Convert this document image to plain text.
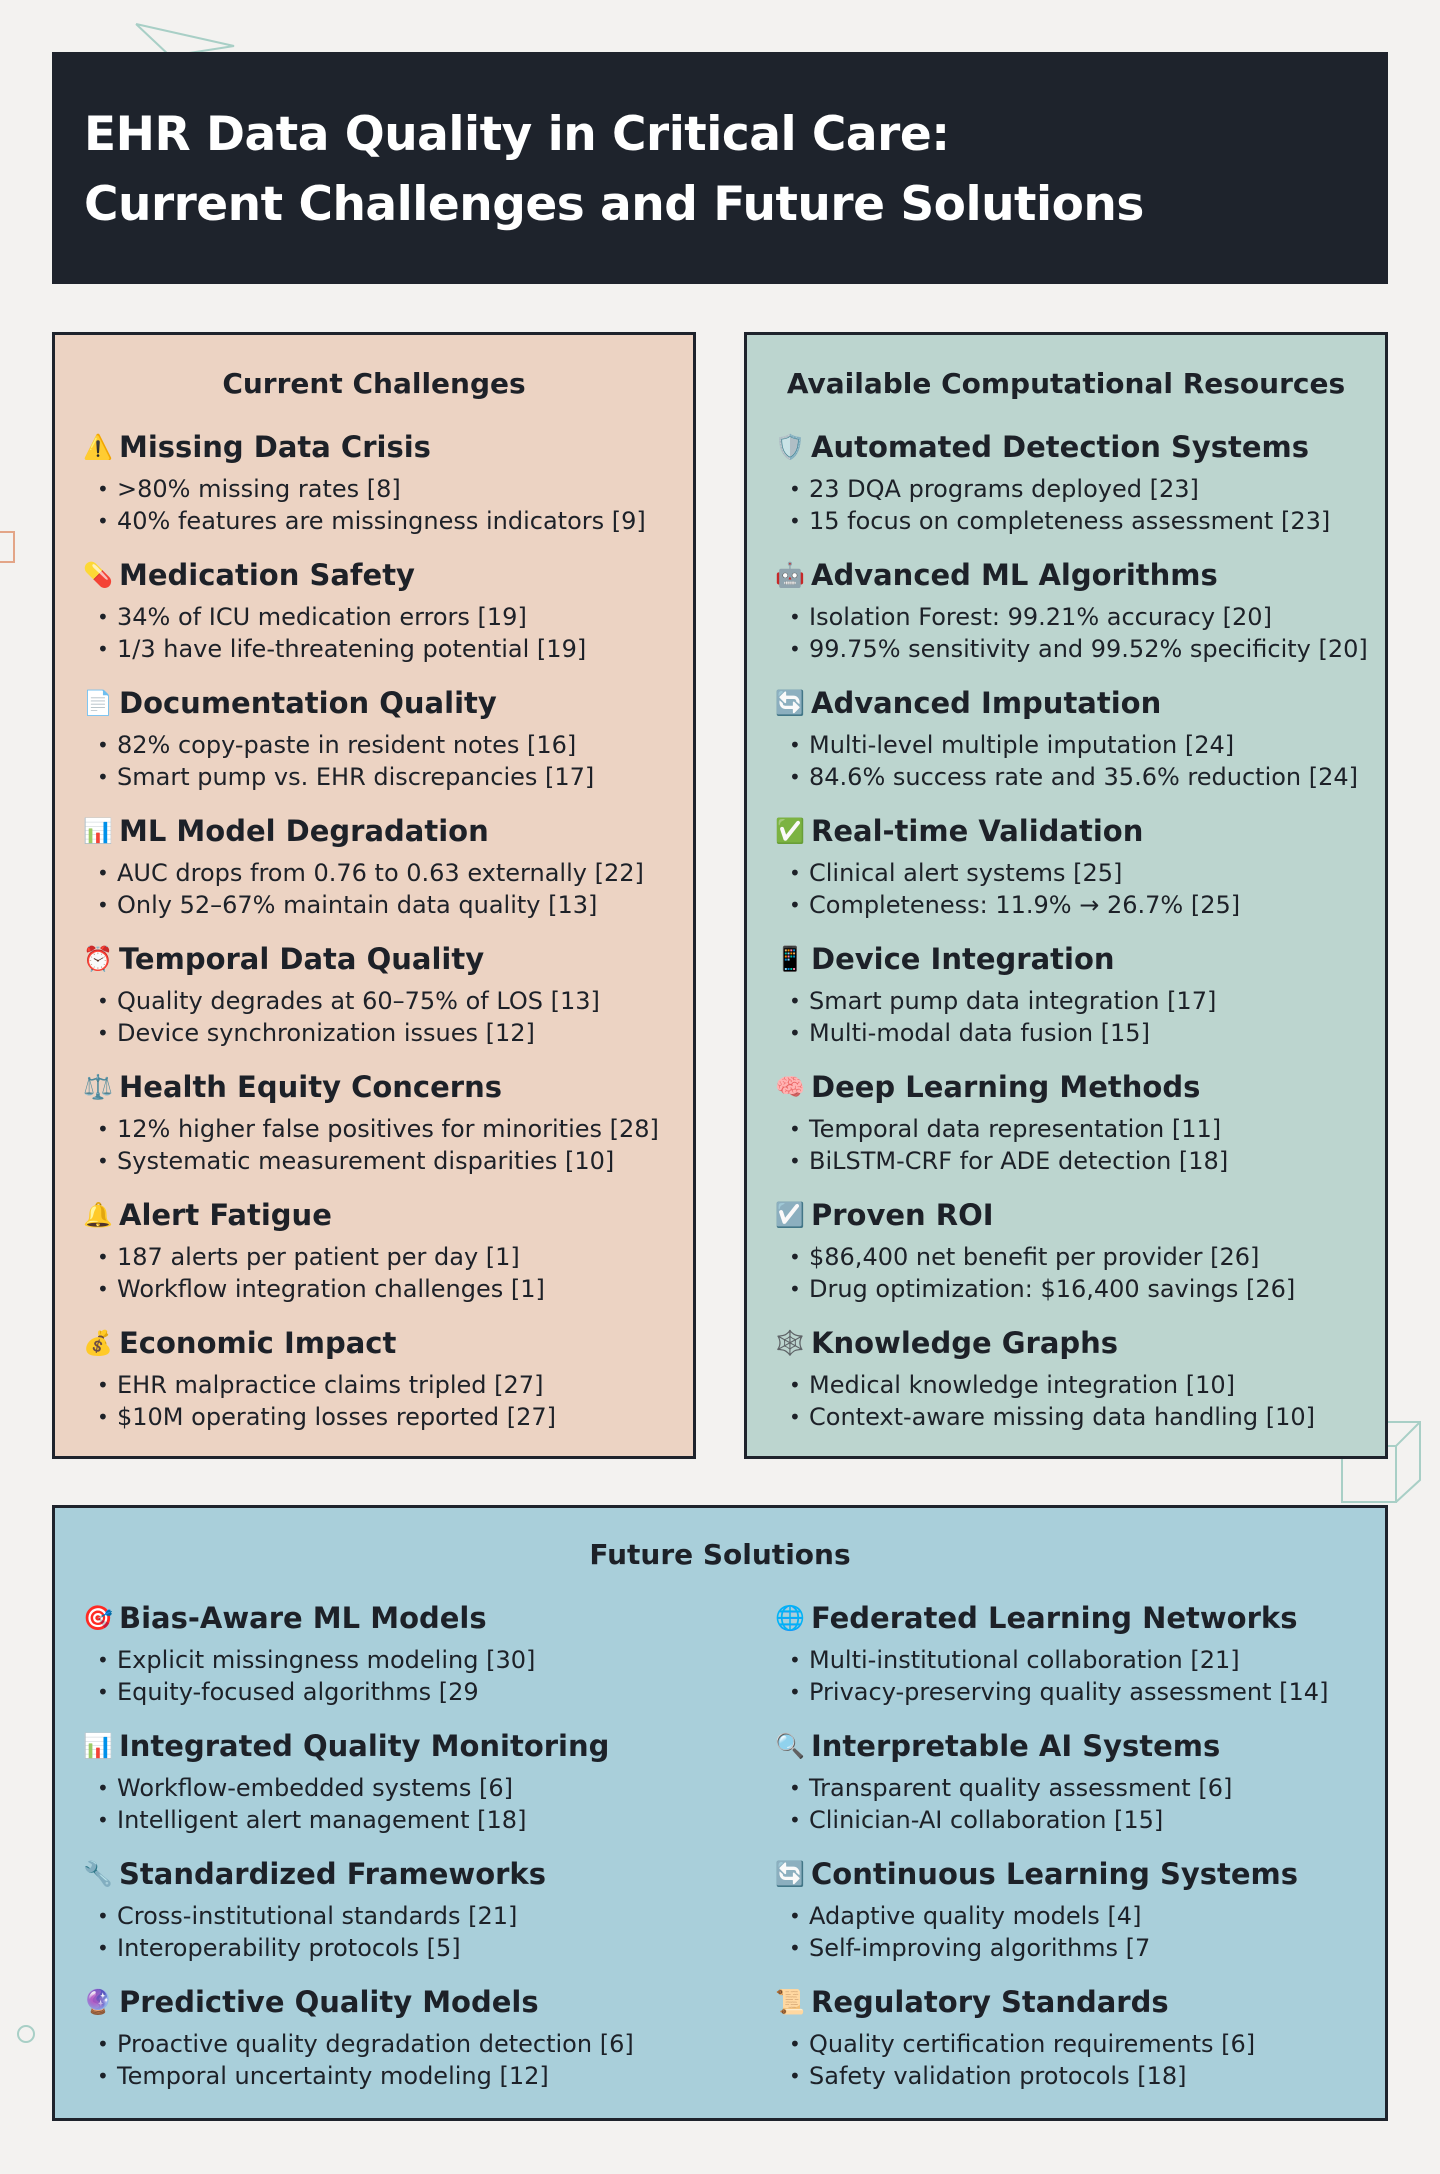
EHR Data Quality in Critical Care:
Current Challenges and Future Solutions
Current Challenges
⚠️ Missing Data Crisis
• >80% missing rates [8]
• 40% features are missingness indicators [9]
💊 Medication Safety
• 34% of ICU medication errors [19]
• 1/3 have life-threatening potential [19]
📄 Documentation Quality
• 82% copy-paste in resident notes [16]
• Smart pump vs. EHR discrepancies [17]
📊 ML Model Degradation
• AUC drops from 0.76 to 0.63 externally [22]
• Only 52–67% maintain data quality [13]
⏰ Temporal Data Quality
• Quality degrades at 60–75% of LOS [13]
• Device synchronization issues [12]
⚖️ Health Equity Concerns
• 12% higher false positives for minorities [28]
• Systematic measurement disparities [10]
🔔 Alert Fatigue
• 187 alerts per patient per day [1]
• Workflow integration challenges [1]
💰 Economic Impact
• EHR malpractice claims tripled [27]
• $10M operating losses reported [27]
Available Computational Resources
🛡️ Automated Detection Systems
• 23 DQA programs deployed [23]
• 15 focus on completeness assessment [23]
🤖 Advanced ML Algorithms
• Isolation Forest: 99.21% accuracy [20]
• 99.75% sensitivity and 99.52% specificity [20]
🔄 Advanced Imputation
• Multi-level multiple imputation [24]
• 84.6% success rate and 35.6% reduction [24]
✅ Real-time Validation
• Clinical alert systems [25]
• Completeness: 11.9% → 26.7% [25]
📱 Device Integration
• Smart pump data integration [17]
• Multi-modal data fusion [15]
🧠 Deep Learning Methods
• Temporal data representation [11]
• BiLSTM-CRF for ADE detection [18]
☑️ Proven ROI
• $86,400 net benefit per provider [26]
• Drug optimization: $16,400 savings [26]
🕸️ Knowledge Graphs
• Medical knowledge integration [10]
• Context-aware missing data handling [10]
Future Solutions
🎯 Bias-Aware ML Models
• Explicit missingness modeling [30]
• Equity-focused algorithms [29
📊 Integrated Quality Monitoring
• Workflow-embedded systems [6]
• Intelligent alert management [18]
🔧 Standardized Frameworks
• Cross-institutional standards [21]
• Interoperability protocols [5]
🔮 Predictive Quality Models
• Proactive quality degradation detection [6]
• Temporal uncertainty modeling [12]
🌐 Federated Learning Networks
• Multi-institutional collaboration [21]
• Privacy-preserving quality assessment [14]
🔍 Interpretable AI Systems
• Transparent quality assessment [6]
• Clinician-AI collaboration [15]
🔄 Continuous Learning Systems
• Adaptive quality models [4]
• Self-improving algorithms [7
📜 Regulatory Standards
• Quality certification requirements [6]
• Safety validation protocols [18]
